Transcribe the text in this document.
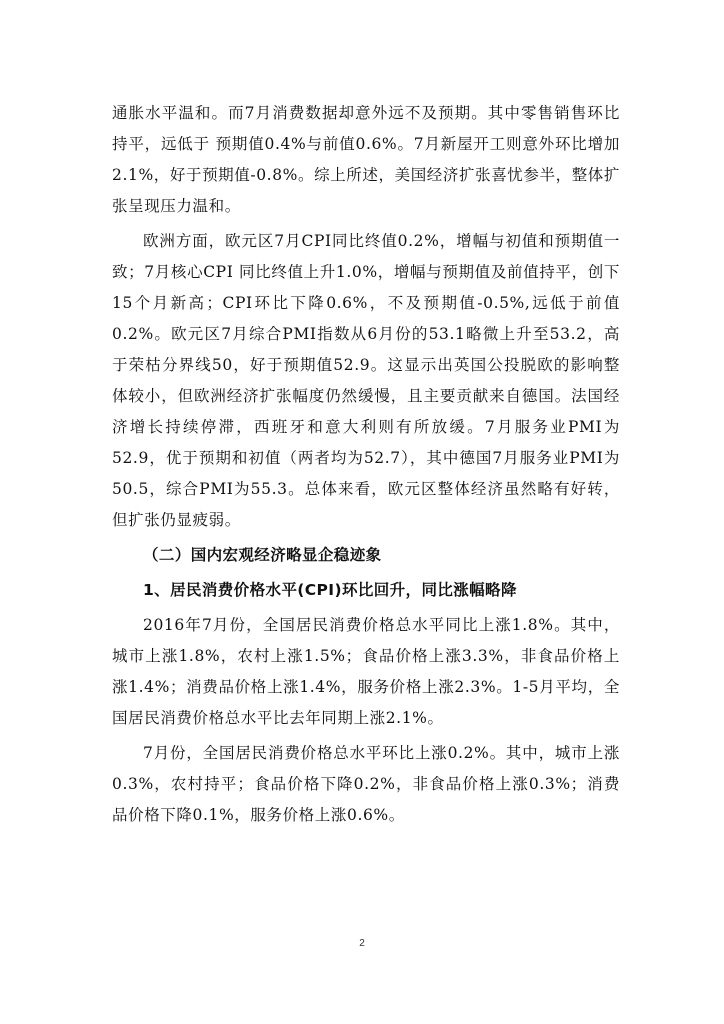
通胀水平温和。而7月消费数据却意外远不及预期。其中零售销售环比持平，远低于 预期值0.4%与前值0.6%。7月新屋开工则意外环比增加 2.1%，好于预期值-0.8%。综上所述，美国经济扩张喜忧参半，整体扩张呈现压力温和。

欧洲方面，欧元区7月CPI同比终值0.2%，增幅与初值和预期值一致；7月核心CPI 同比终值上升1.0%，增幅与预期值及前值持平，创下15个月新高；CPI环比下降0.6%，不及预期值-0.5%,远低于前值0.2%。欧元区7月综合PMI指数从6月份的53.1略微上升至53.2，高于荣枯分界线50，好于预期值52.9。这显示出英国公投脱欧的影响整体较小，但欧洲经济扩张幅度仍然缓慢，且主要贡献来自德国。法国经济增长持续停滞，西班牙和意大利则有所放缓。7月服务业PMI为52.9，优于预期和初值（两者均为52.7），其中德国7月服务业PMI为50.5，综合PMI为55.3。总体来看，欧元区整体经济虽然略有好转，但扩张仍显疲弱。

（二）国内宏观经济略显企稳迹象

1、居民消费价格水平(CPI)环比回升，同比涨幅略降

2016年7月份，全国居民消费价格总水平同比上涨1.8%。其中，城市上涨1.8%，农村上涨1.5%；食品价格上涨3.3%，非食品价格上涨1.4%；消费品价格上涨1.4%，服务价格上涨2.3%。1-5月平均，全国居民消费价格总水平比去年同期上涨2.1%。

7月份，全国居民消费价格总水平环比上涨0.2%。其中，城市上涨0.3%，农村持平；食品价格下降0.2%，非食品价格上涨0.3%；消费品价格下降0.1%，服务价格上涨0.6%。

2
